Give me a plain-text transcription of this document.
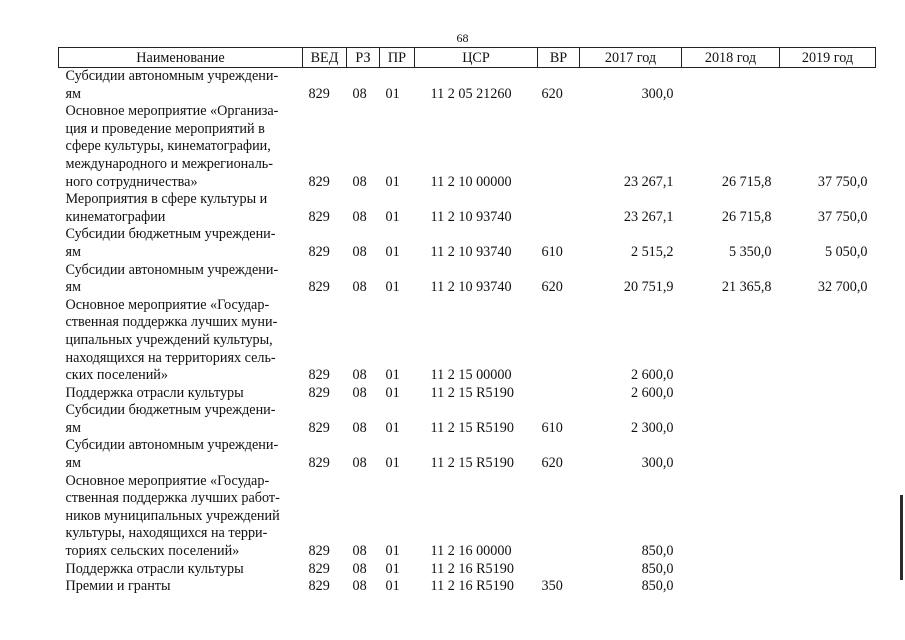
68
Наименование	ВЕД	РЗ	ПР	ЦСР	ВР	2017 год	2018 год	2019 год
Субсидии автономным учреждени-
ям	829	08	01	11 2 05 21260	620	300,0		
Основное мероприятие «Организа-
ция и проведение мероприятий в
сфере культуры, кинематографии,
международного и межрегиональ-
ного сотрудничества»	829	08	01	11 2 10 00000		23 267,1	26 715,8	37 750,0
Мероприятия в сфере культуры и
кинематографии	829	08	01	11 2 10 93740		23 267,1	26 715,8	37 750,0
Субсидии бюджетным учреждени-
ям	829	08	01	11 2 10 93740	610	2 515,2	5 350,0	5 050,0
Субсидии автономным учреждени-
ям	829	08	01	11 2 10 93740	620	20 751,9	21 365,8	32 700,0
Основное мероприятие «Государ-
ственная поддержка лучших муни-
ципальных учреждений культуры,
находящихся на территориях сель-
ских поселений»	829	08	01	11 2 15 00000		2 600,0		
Поддержка отрасли культуры	829	08	01	11 2 15 R5190		2 600,0		
Субсидии бюджетным учреждени-
ям	829	08	01	11 2 15 R5190	610	2 300,0		
Субсидии автономным учреждени-
ям	829	08	01	11 2 15 R5190	620	300,0		
Основное мероприятие «Государ-
ственная поддержка лучших работ-
ников муниципальных учреждений
культуры, находящихся на терри-
ториях сельских поселений»	829	08	01	11 2 16 00000		850,0		
Поддержка отрасли культуры	829	08	01	11 2 16 R5190		850,0		
Премии и гранты	829	08	01	11 2 16 R5190	350	850,0		
